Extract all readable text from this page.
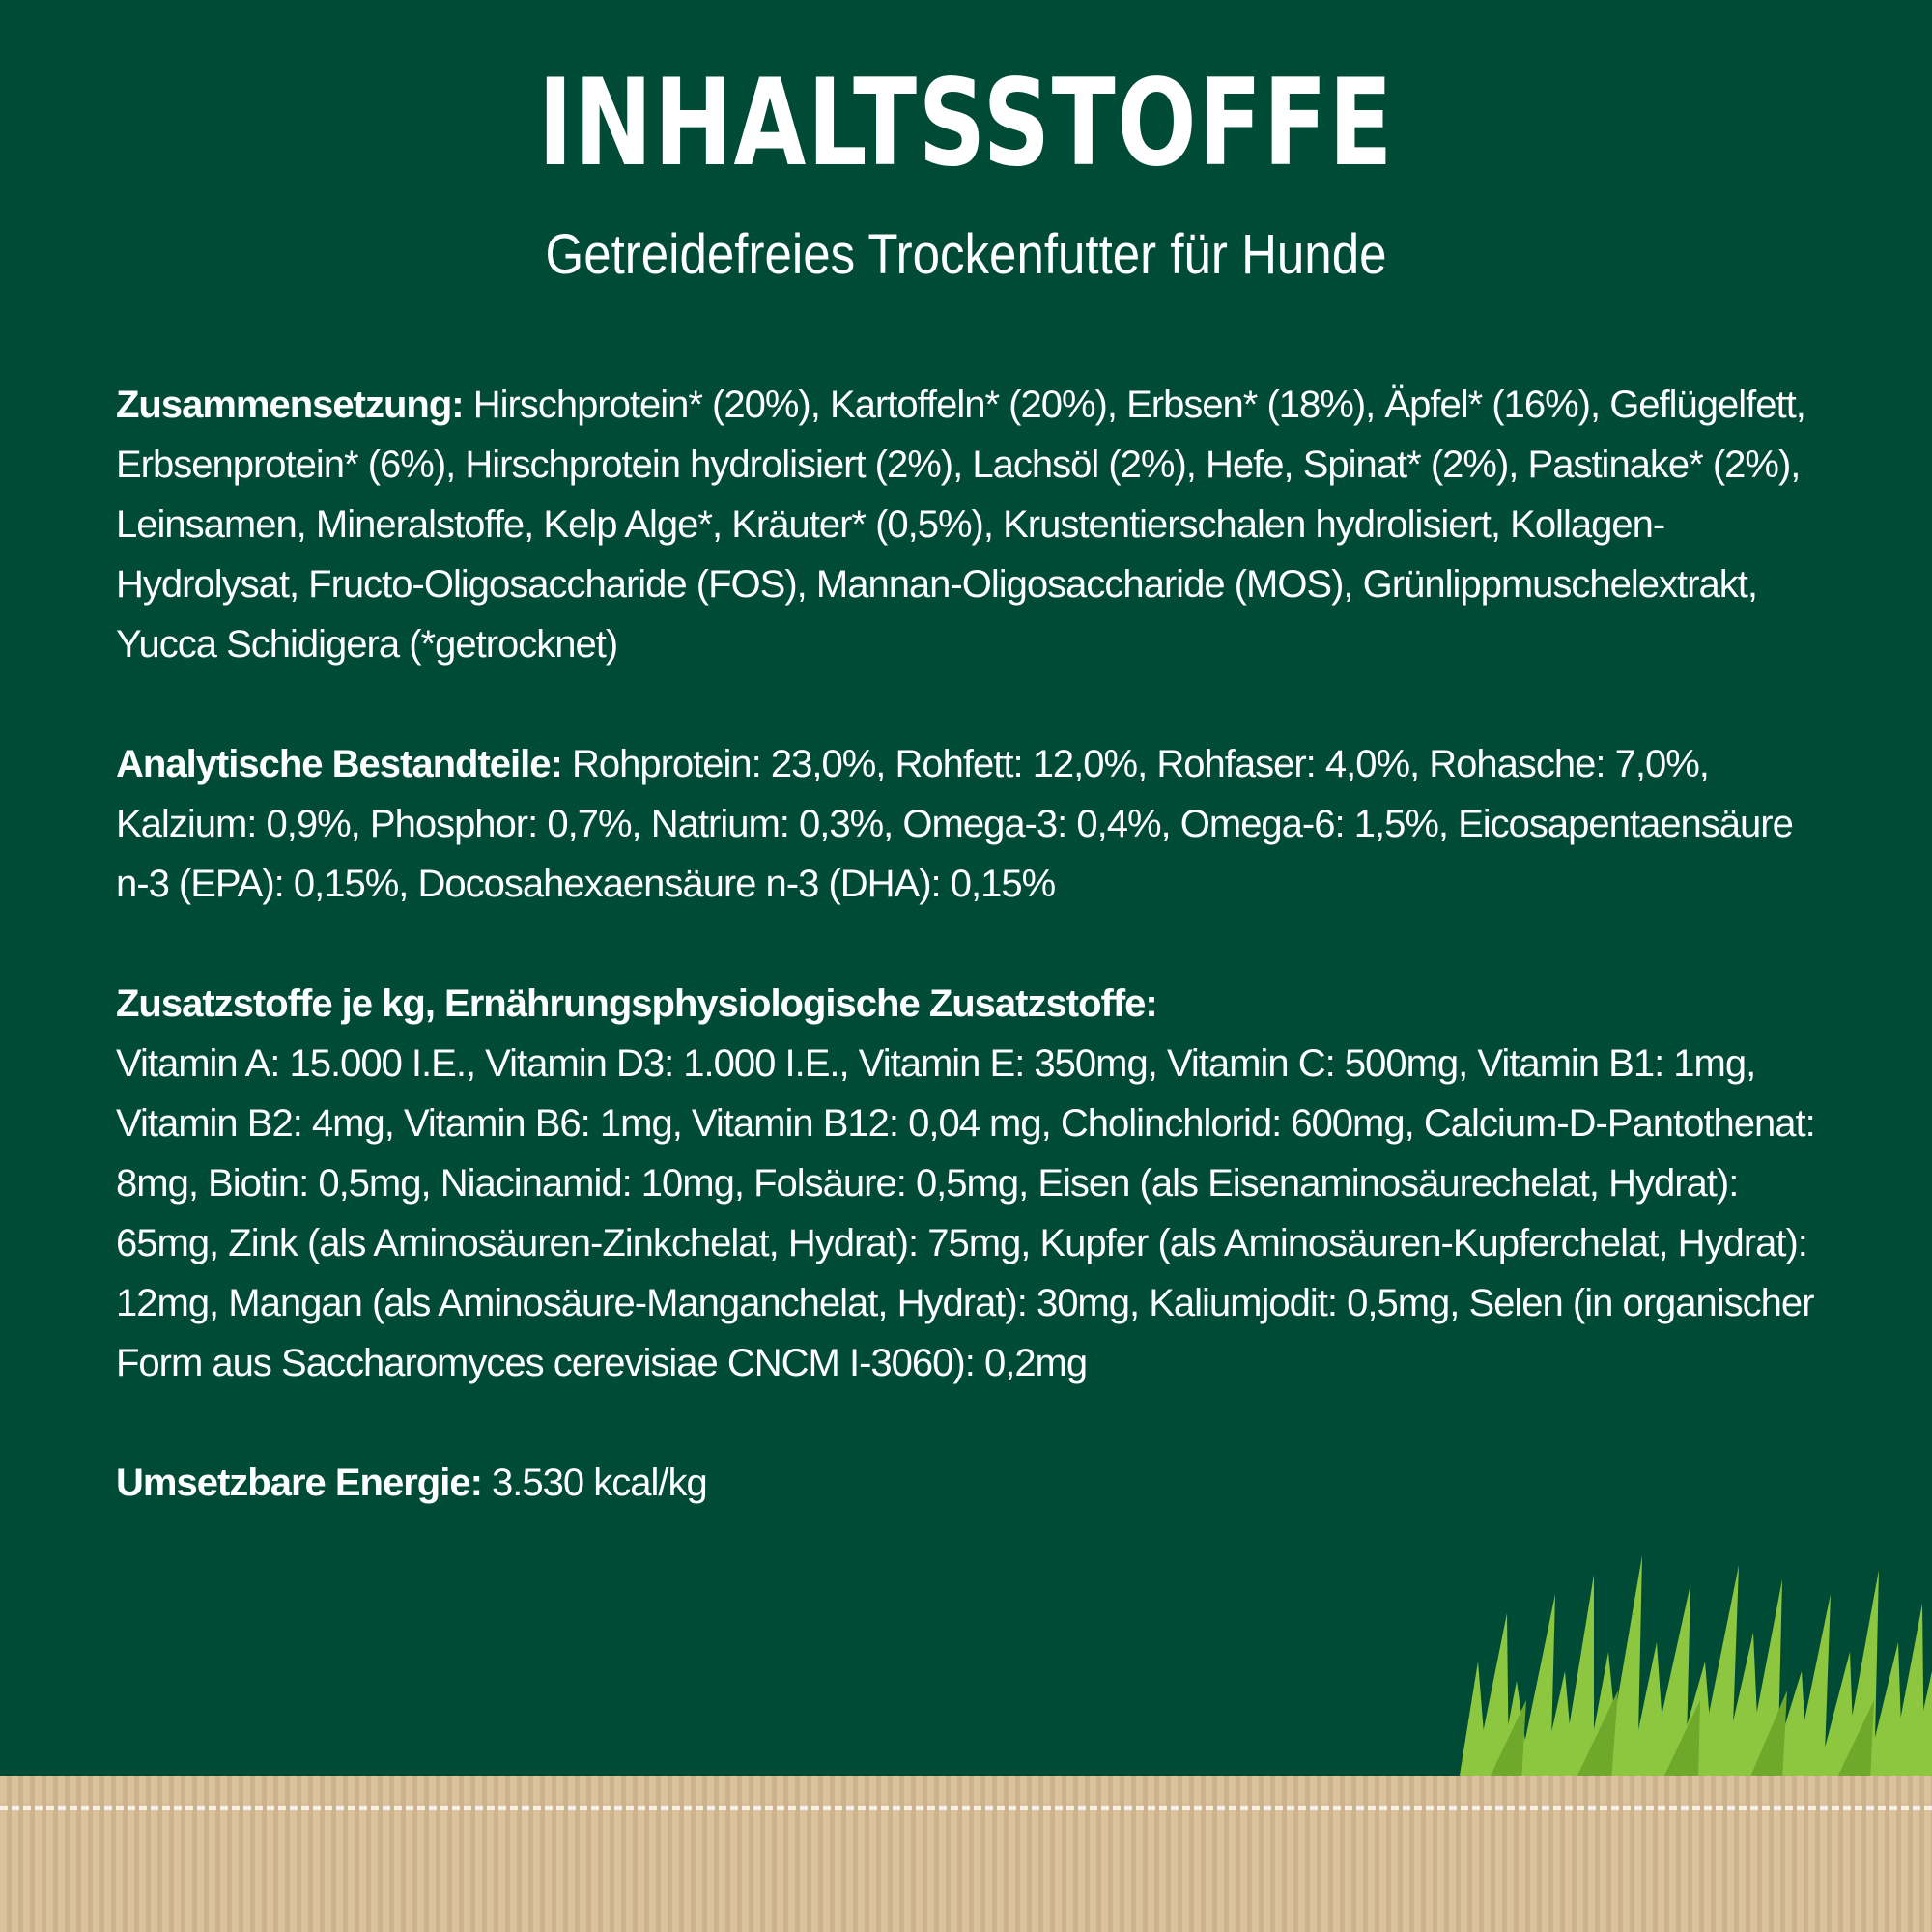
INHALTSSTOFFE
Getreidefreies Trockenfutter für Hunde

Zusammensetzung: Hirschprotein* (20%), Kartoffeln* (20%), Erbsen* (18%), Äpfel* (16%), Geflügelfett, Erbsenprotein* (6%), Hirschprotein hydrolisiert (2%), Lachsöl (2%), Hefe, Spinat* (2%), Pastinake* (2%), Leinsamen, Mineralstoffe, Kelp Alge*, Kräuter* (0,5%), Krustentierschalen hydrolisiert, Kollagen-Hydrolysat, Fructo-Oligosaccharide (FOS), Mannan-Oligosaccharide (MOS), Grünlippmuschelextrakt, Yucca Schidigera (*getrocknet)

Analytische Bestandteile: Rohprotein: 23,0%, Rohfett: 12,0%, Rohfaser: 4,0%, Rohasche: 7,0%, Kalzium: 0,9%, Phosphor: 0,7%, Natrium: 0,3%, Omega-3: 0,4%, Omega-6: 1,5%, Eicosapentaensäure n-3 (EPA): 0,15%, Docosahexaensäure n-3 (DHA): 0,15%

Zusatzstoffe je kg, Ernährungsphysiologische Zusatzstoffe:
Vitamin A: 15.000 I.E., Vitamin D3: 1.000 I.E., Vitamin E: 350mg, Vitamin C: 500mg, Vitamin B1: 1mg, Vitamin B2: 4mg, Vitamin B6: 1mg, Vitamin B12: 0,04 mg, Cholinchlorid: 600mg, Calcium-D-Pantothenat: 8mg, Biotin: 0,5mg, Niacinamid: 10mg, Folsäure: 0,5mg, Eisen (als Eisenaminosäurechelat, Hydrat): 65mg, Zink (als Aminosäuren-Zinkchelat, Hydrat): 75mg, Kupfer (als Aminosäuren-Kupferchelat, Hydrat): 12mg, Mangan (als Aminosäure-Manganchelat, Hydrat): 30mg, Kaliumjodit: 0,5mg, Selen (in organischer Form aus Saccharomyces cerevisiae CNCM I-3060): 0,2mg

Umsetzbare Energie: 3.530 kcal/kg
